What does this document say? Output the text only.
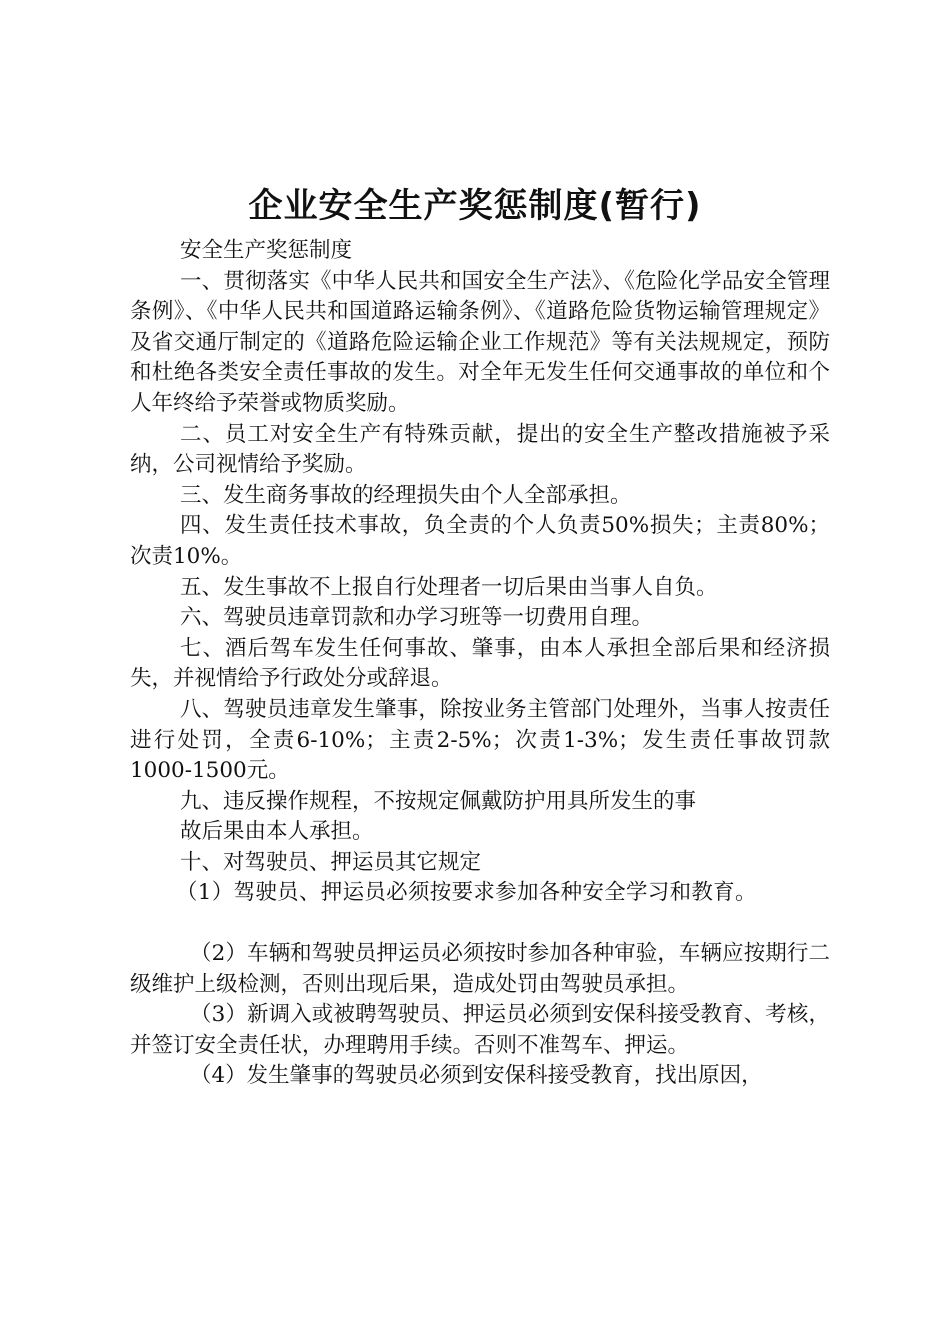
企业安全生产奖惩制度(暂行)

安全生产奖惩制度

一、贯彻落实《中华人民共和国安全生产法》、《危险化学品安全管理条例》、《中华人民共和国道路运输条例》、《道路危险货物运输管理规定》及省交通厅制定的《道路危险运输企业工作规范》等有关法规规定，预防和杜绝各类安全责任事故的发生。对全年无发生任何交通事故的单位和个人年终给予荣誉或物质奖励。

二、员工对安全生产有特殊贡献，提出的安全生产整改措施被予采纳，公司视情给予奖励。

三、发生商务事故的经理损失由个人全部承担。

四、发生责任技术事故，负全责的个人负责50%损失；主责80%；次责10%。

五、发生事故不上报自行处理者一切后果由当事人自负。

六、驾驶员违章罚款和办学习班等一切费用自理。

七、酒后驾车发生任何事故、肇事，由本人承担全部后果和经济损失，并视情给予行政处分或辞退。

八、驾驶员违章发生肇事，除按业务主管部门处理外，当事人按责任进行处罚，全责6-10%；主责2-5%；次责1-3%；发生责任事故罚款1000-1500元。

九、违反操作规程，不按规定佩戴防护用具所发生的事

故后果由本人承担。

十、对驾驶员、押运员其它规定

（1）驾驶员、押运员必须按要求参加各种安全学习和教育。

（2）车辆和驾驶员押运员必须按时参加各种审验，车辆应按期行二级维护上级检测，否则出现后果，造成处罚由驾驶员承担。

（3）新调入或被聘驾驶员、押运员必须到安保科接受教育、考核，并签订安全责任状，办理聘用手续。否则不准驾车、押运。

（4）发生肇事的驾驶员必须到安保科接受教育，找出原因，
